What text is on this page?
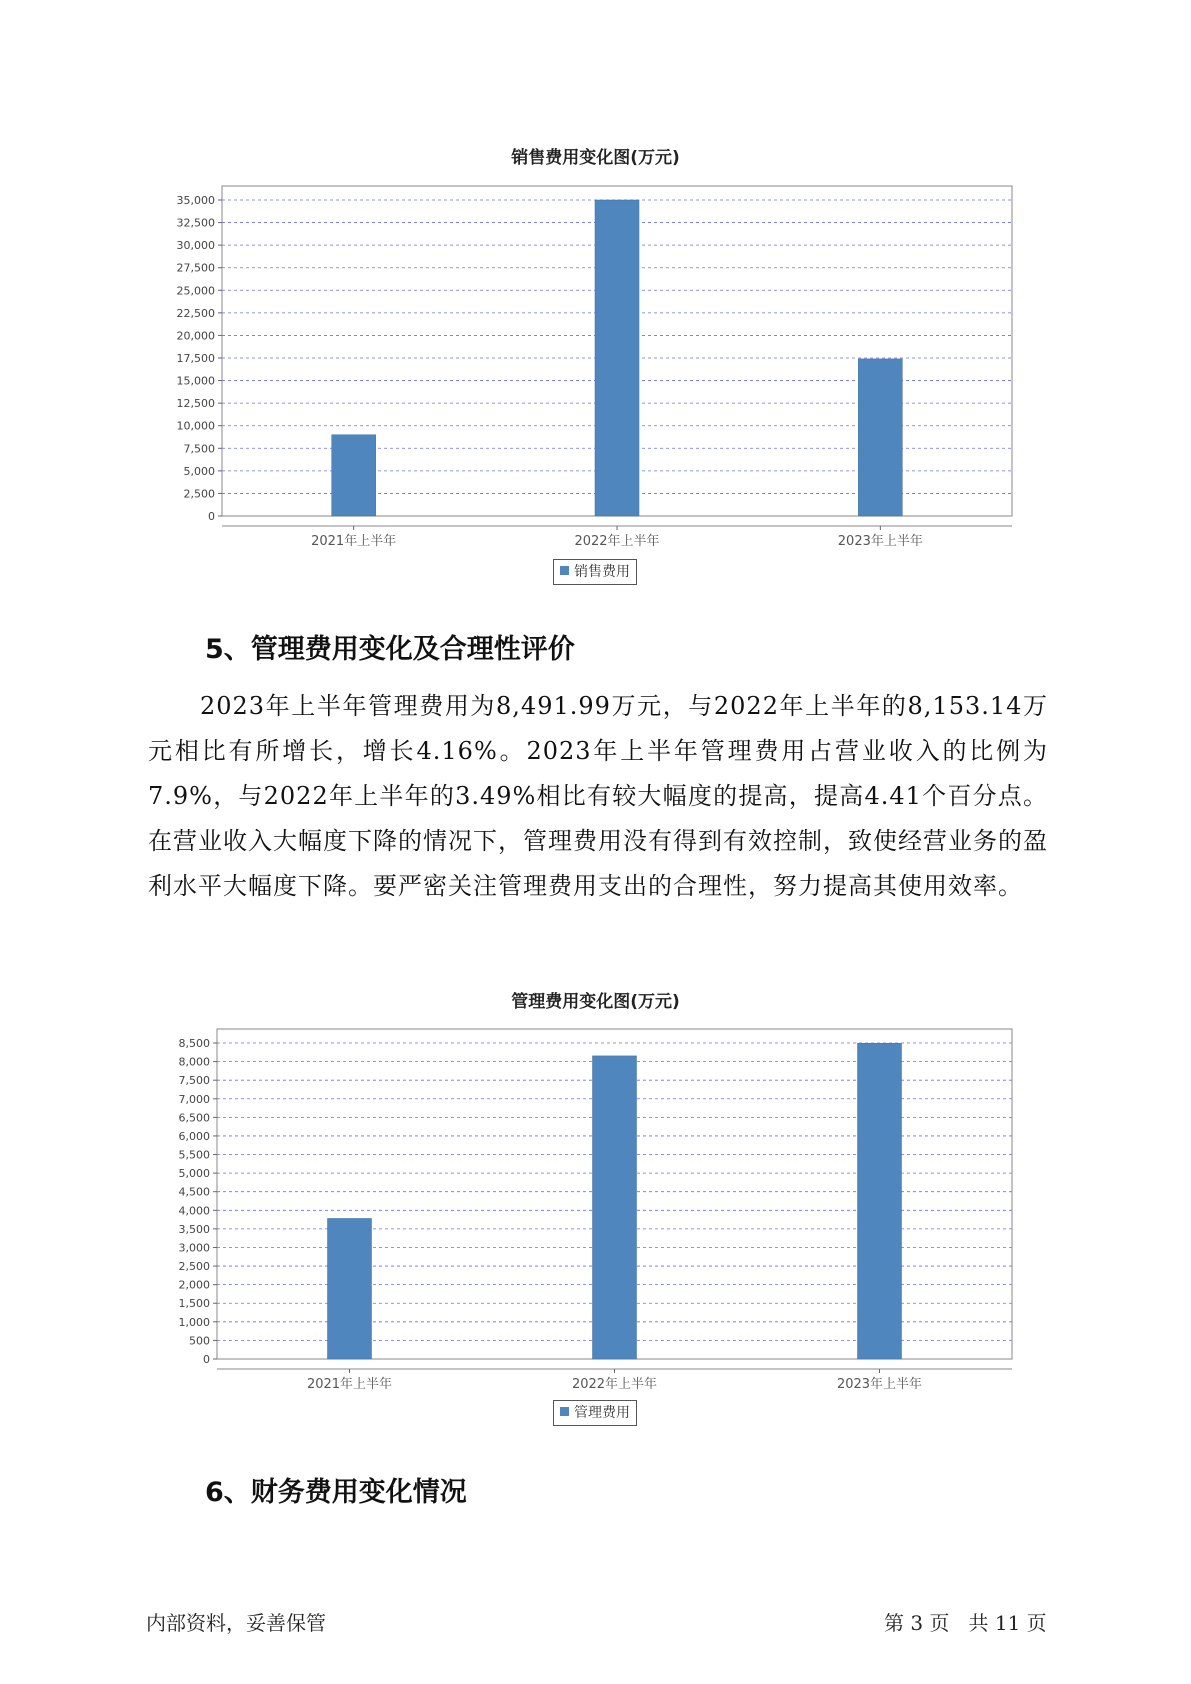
销售费用变化图(万元)
0
2,500
5,000
7,500
10,000
12,500
15,000
17,500
20,000
22,500
25,000
27,500
30,000
32,500
35,000
2021年上半年	2022年上半年	2023年上半年
销售费用
5、管理费用变化及合理性评价
2023年上半年管理费用为8,491.99万元，与2022年上半年的8,153.14万元相比有所增长，增长4.16%。2023年上半年管理费用占营业收入的比例为7.9%，与2022年上半年的3.49%相比有较大幅度的提高，提高4.41个百分点。在营业收入大幅度下降的情况下，管理费用没有得到有效控制，致使经营业务的盈利水平大幅度下降。要严密关注管理费用支出的合理性，努力提高其使用效率。
管理费用变化图(万元)
0
500
1,000
1,500
2,000
2,500
3,000
3,500
4,000
4,500
5,000
5,500
6,000
6,500
7,000
7,500
8,000
8,500
2021年上半年	2022年上半年	2023年上半年
管理费用
6、财务费用变化情况
内部资料，妥善保管	第 3 页   共 11 页
